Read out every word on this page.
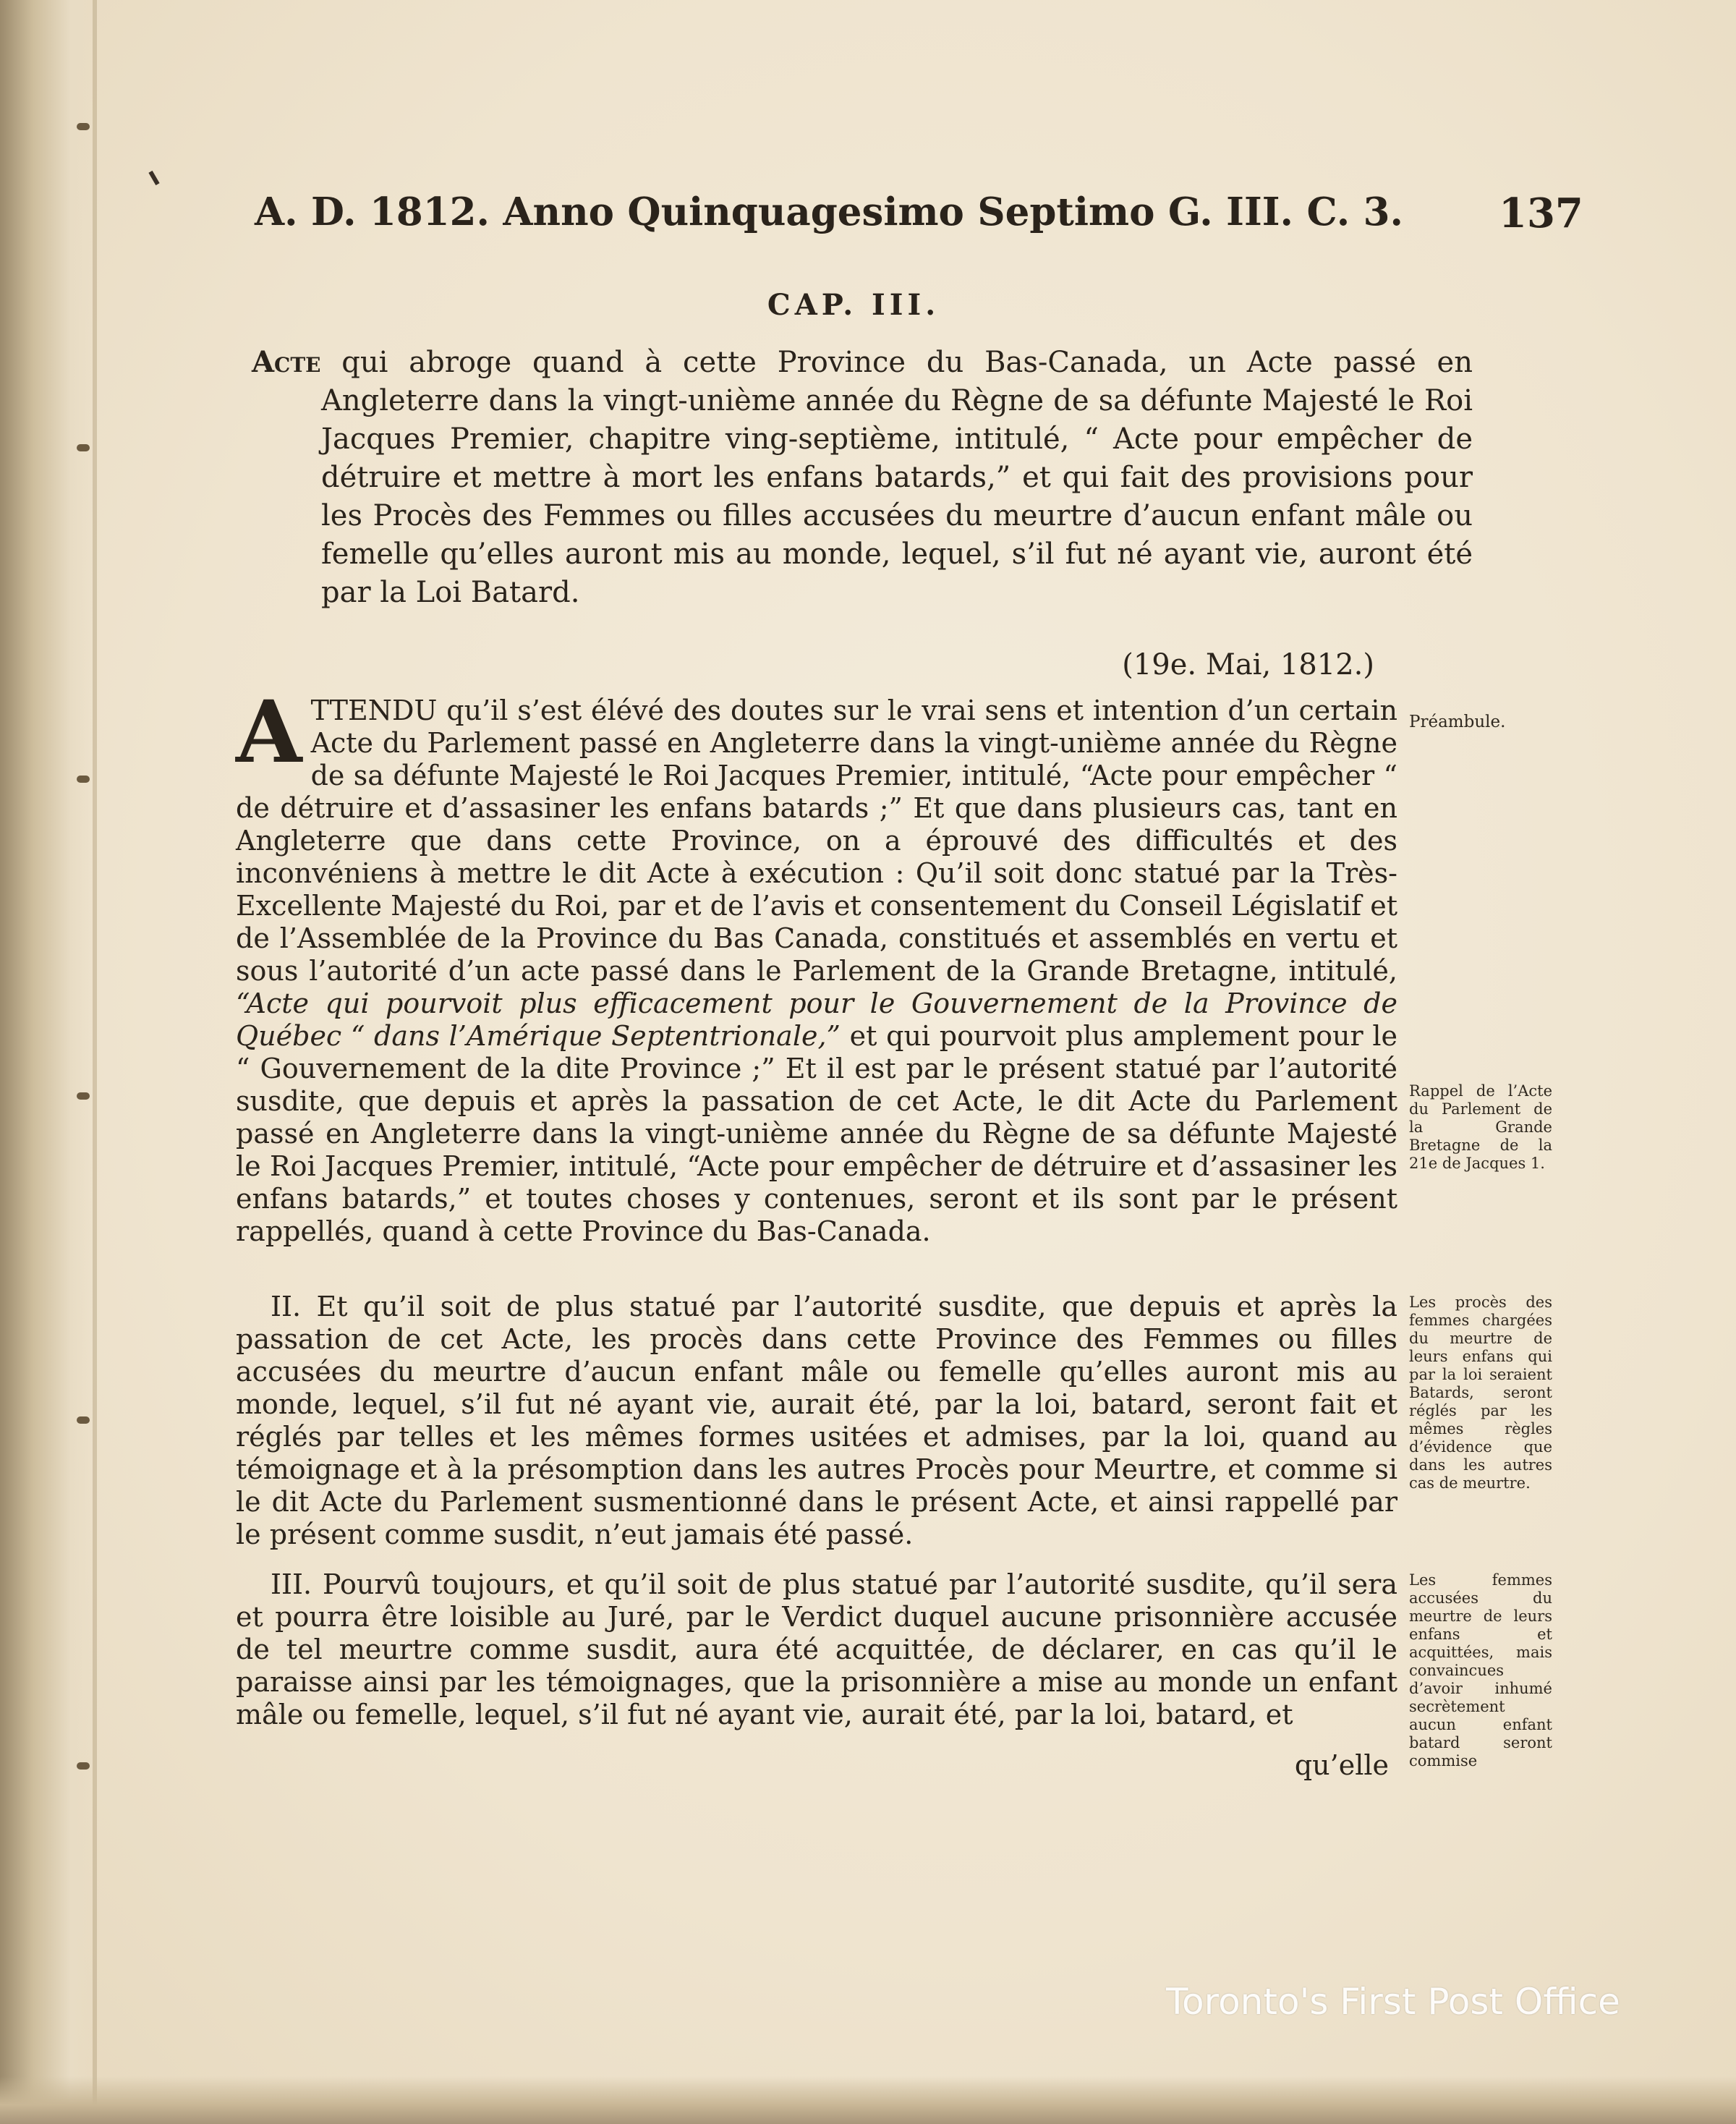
A. D. 1812. Anno Quinquagesimo Septimo G. III. C. 3. 137
CAP. III.
Acte qui abroge quand à cette Province du Bas-Canada, un Acte passé en Angleterre dans la vingt-unième année du Règne de sa défunte Majesté le Roi Jacques Premier, chapitre ving-septième, intitulé, “ Acte pour empêcher de détruire et mettre à mort les enfans batards,” et qui fait des provisions pour les Procès des Femmes ou filles accusées du meurtre d’aucun enfant mâle ou femelle qu’elles auront mis au monde, lequel, s’il fut né ayant vie, auront été par la Loi Batard.
(19e. Mai, 1812.)
ATTENDU qu’il s’est élévé des doutes sur le vrai sens et intention d’un certain Acte du Parlement passé en Angleterre dans la vingt-unième année du Règne de sa défunte Majesté le Roi Jacques Premier, intitulé, “Acte pour empêcher “ de détruire et d’assasiner les enfans batards ;” Et que dans plusieurs cas, tant en Angleterre que dans cette Province, on a éprouvé des difficultés et des inconvéniens à mettre le dit Acte à exécution : Qu’il soit donc statué par la Très-Excellente Majesté du Roi, par et de l’avis et consentement du Conseil Législatif et de l’Assemblée de la Province du Bas Canada, constitués et assemblés en vertu et sous l’autorité d’un acte passé dans le Parlement de la Grande Bretagne, intitulé, “Acte qui pourvoit plus efficacement pour le Gouvernement de la Province de Québec “ dans l’Amérique Septentrionale,” et qui pourvoit plus amplement pour le “ Gouvernement de la dite Province ;” Et il est par le présent statué par l’autorité susdite, que depuis et après la passation de cet Acte, le dit Acte du Parlement passé en Angleterre dans la vingt-unième année du Règne de sa défunte Majesté le Roi Jacques Premier, intitulé, “Acte pour empêcher de détruire et d’assasiner les enfans batards,” et toutes choses y contenues, seront et ils sont par le présent rappellés, quand à cette Province du Bas-Canada.
II. Et qu’il soit de plus statué par l’autorité susdite, que depuis et après la passation de cet Acte, les procès dans cette Province des Femmes ou filles accusées du meurtre d’aucun enfant mâle ou femelle qu’elles auront mis au monde, lequel, s’il fut né ayant vie, aurait été, par la loi, batard, seront fait et réglés par telles et les mêmes formes usitées et admises, par la loi, quand au témoignage et à la présomption dans les autres Procès pour Meurtre, et comme si le dit Acte du Parlement susmentionné dans le présent Acte, et ainsi rappellé par le présent comme susdit, n’eut jamais été passé.
III. Pourvû toujours, et qu’il soit de plus statué par l’autorité susdite, qu’il sera et pourra être loisible au Juré, par le Verdict duquel aucune prisonnière accusée de tel meurtre comme susdit, aura été acquittée, de déclarer, en cas qu’il le paraisse ainsi par les témoignages, que la prisonnière a mise au monde un enfant mâle ou femelle, lequel, s’il fut né ayant vie, aurait été, par la loi, batard, et
qu’elle
Préambule.
Rappel de l’Acte du Parlement de la Grande Bretagne de la 21e de Jacques 1.
Les procès des femmes chargées du meurtre de leurs enfans qui par la loi seraient Batards, seront réglés par les mêmes règles d’évidence que dans les autres cas de meurtre.
Les femmes accusées du meurtre de leurs enfans et acquittées, mais convaincues d’avoir inhumé secrètement aucun enfant batard seront commise
Toronto's First Post Office
